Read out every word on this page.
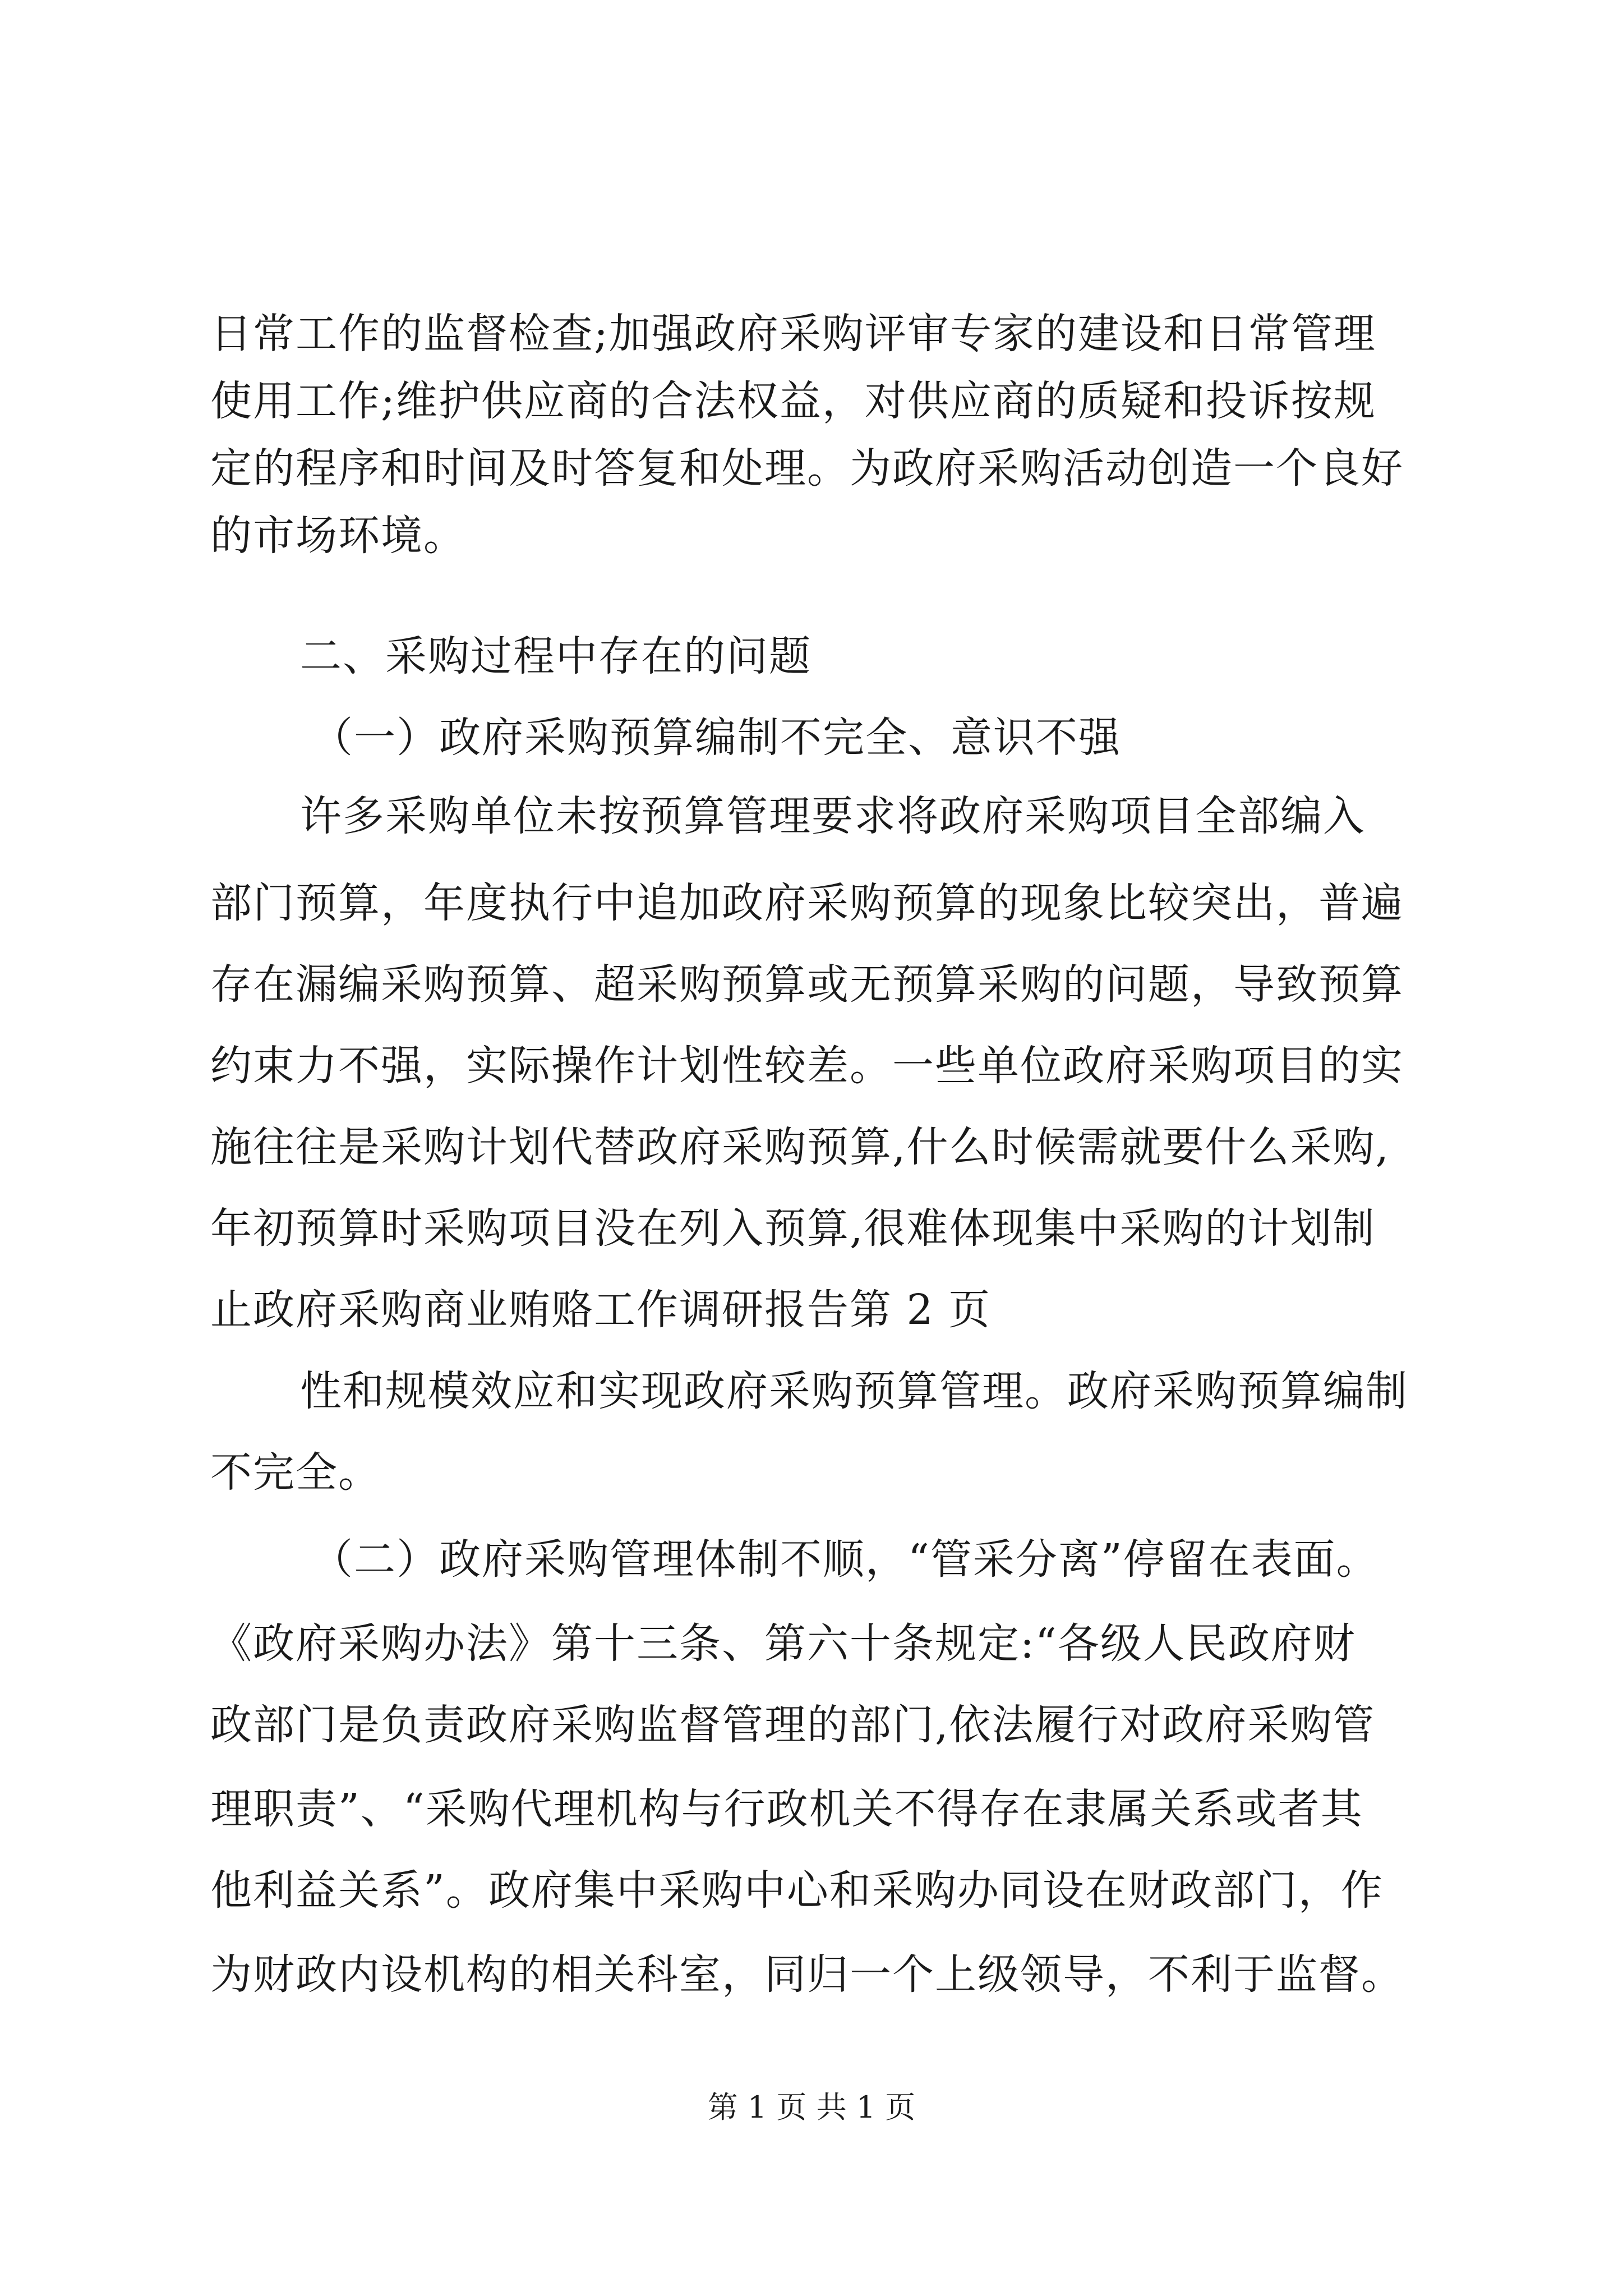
日常工作的监督检查;加强政府采购评审专家的建设和日常管理
使用工作;维护供应商的合法权益，对供应商的质疑和投诉按规
定的程序和时间及时答复和处理。为政府采购活动创造一个良好
的市场环境。
二、采购过程中存在的问题
（一）政府采购预算编制不完全、意识不强
许多采购单位未按预算管理要求将政府采购项目全部编入
部门预算，年度执行中追加政府采购预算的现象比较突出，普遍
存在漏编采购预算、超采购预算或无预算采购的问题，导致预算
约束力不强，实际操作计划性较差。一些单位政府采购项目的实
施往往是采购计划代替政府采购预算,什么时候需就要什么采购,
年初预算时采购项目没在列入预算,很难体现集中采购的计划制
止政府采购商业贿赂工作调研报告第 2 页
性和规模效应和实现政府采购预算管理。政府采购预算编制
不完全。
（二）政府采购管理体制不顺，“管采分离”停留在表面。
《政府采购办法》第十三条、第六十条规定:“各级人民政府财
政部门是负责政府采购监督管理的部门,依法履行对政府采购管
理职责”、“采购代理机构与行政机关不得存在隶属关系或者其
他利益关系”。政府集中采购中心和采购办同设在财政部门，作
为财政内设机构的相关科室，同归一个上级领导，不利于监督。
第 1 页 共 1 页
